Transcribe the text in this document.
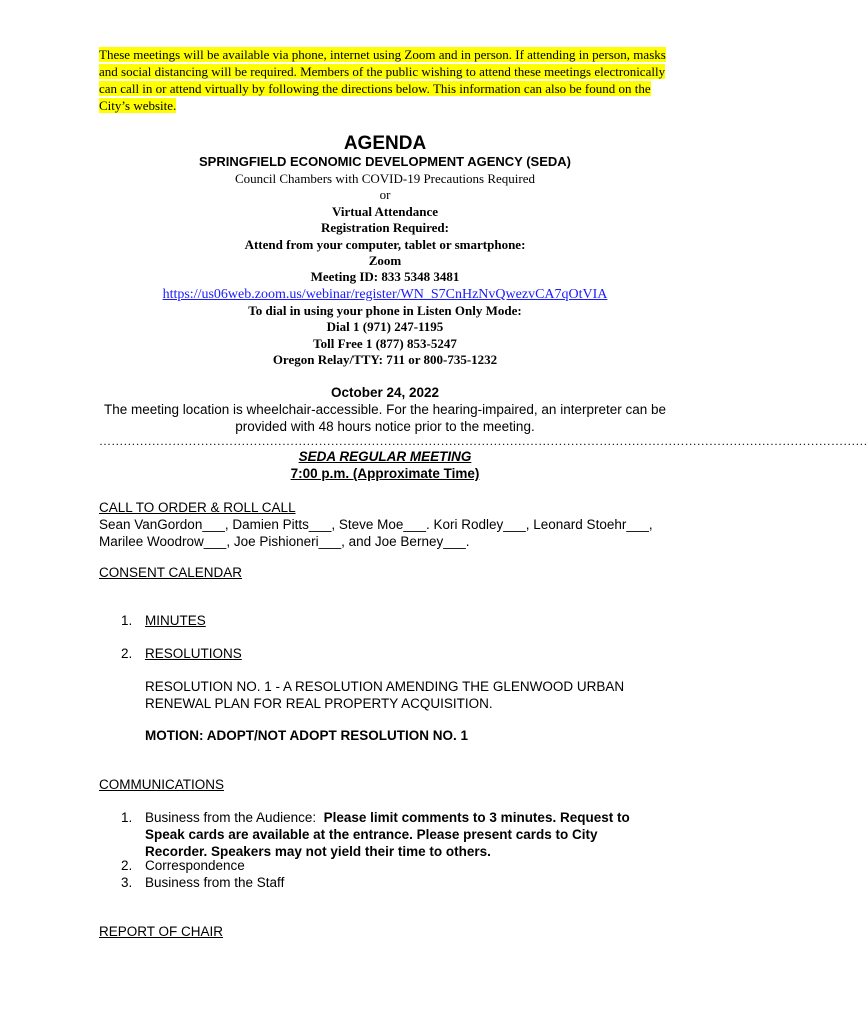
These meetings will be available via phone, internet using Zoom and in person. If attending in person, masks and social distancing will be required. Members of the public wishing to attend these meetings electronically can call in or attend virtually by following the directions below. This information can also be found on the City’s website.
AGENDA
SPRINGFIELD ECONOMIC DEVELOPMENT AGENCY (SEDA)
Council Chambers with COVID-19 Precautions Required
or
Virtual Attendance
Registration Required:
Attend from your computer, tablet or smartphone:
Zoom
Meeting ID: 833 5348 3481
https://us06web.zoom.us/webinar/register/WN_S7CnHzNvQwezvCA7qOtVIA
To dial in using your phone in Listen Only Mode:
Dial 1 (971) 247-1195
Toll Free 1 (877) 853-5247
Oregon Relay/TTY: 711 or 800-735-1232
October 24, 2022
The meeting location is wheelchair-accessible. For the hearing-impaired, an interpreter can be provided with 48 hours notice prior to the meeting.
………………………………………………………………………………………………………………………………………………………………………
SEDA REGULAR MEETING
7:00 p.m. (Approximate Time)
CALL TO ORDER & ROLL CALL
Sean VanGordon___, Damien Pitts___, Steve Moe___. Kori Rodley___, Leonard Stoehr___,
Marilee Woodrow___, Joe Pishioneri___, and Joe Berney___.
CONSENT CALENDAR
1. MINUTES
2. RESOLUTIONS
RESOLUTION NO. 1 - A RESOLUTION AMENDING THE GLENWOOD URBAN
RENEWAL PLAN FOR REAL PROPERTY ACQUISITION.
MOTION: ADOPT/NOT ADOPT RESOLUTION NO. 1
COMMUNICATIONS
1. Business from the Audience: Please limit comments to 3 minutes. Request to
Speak cards are available at the entrance. Please present cards to City
Recorder. Speakers may not yield their time to others.
2. Correspondence
3. Business from the Staff
REPORT OF CHAIR
